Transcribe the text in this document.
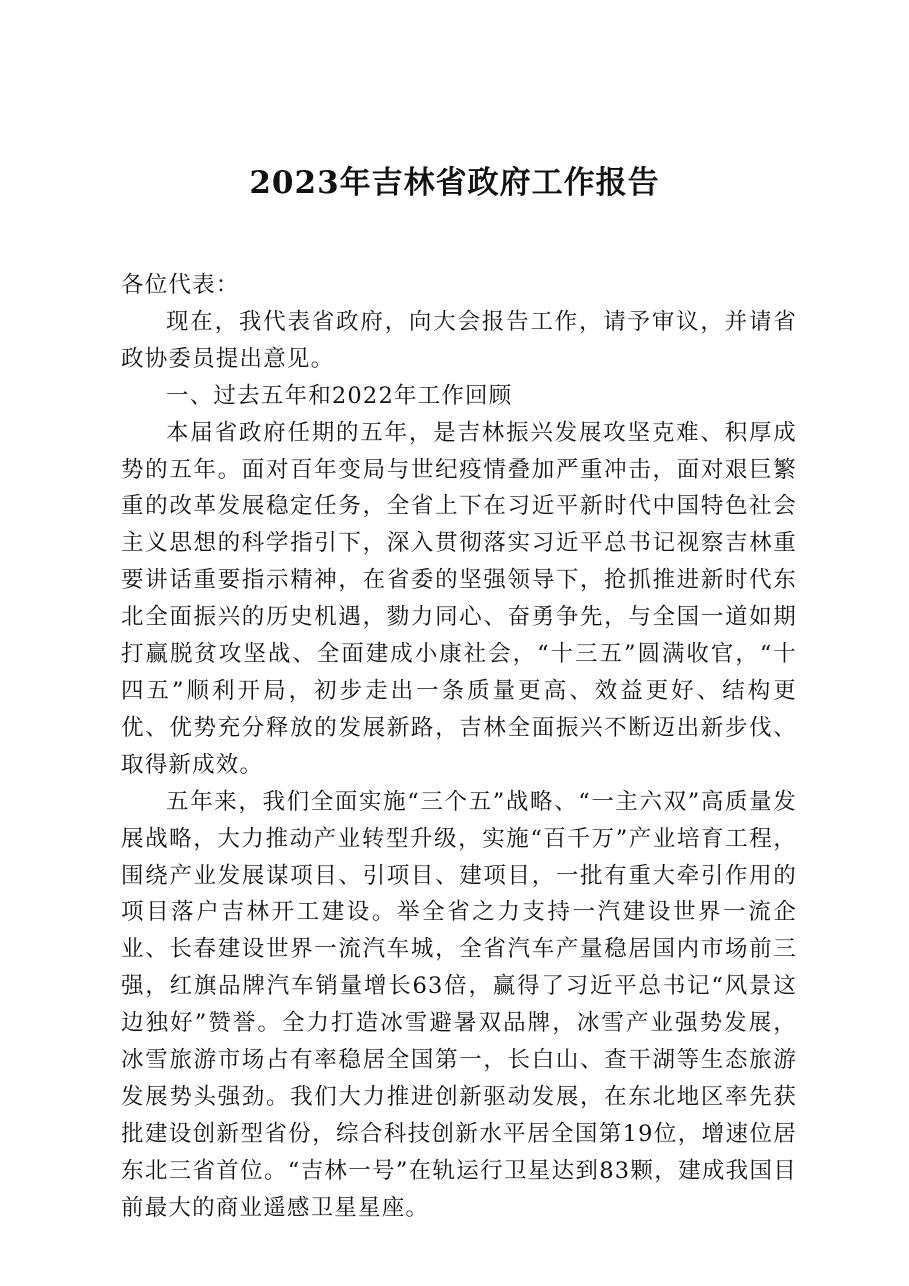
2023年吉林省政府工作报告

各位代表：

现在，我代表省政府，向大会报告工作，请予审议，并请省政协委员提出意见。

一、过去五年和2022年工作回顾

本届省政府任期的五年，是吉林振兴发展攻坚克难、积厚成势的五年。面对百年变局与世纪疫情叠加严重冲击，面对艰巨繁重的改革发展稳定任务，全省上下在习近平新时代中国特色社会主义思想的科学指引下，深入贯彻落实习近平总书记视察吉林重要讲话重要指示精神，在省委的坚强领导下，抢抓推进新时代东北全面振兴的历史机遇，勠力同心、奋勇争先，与全国一道如期打赢脱贫攻坚战、全面建成小康社会，“十三五”圆满收官，“十四五”顺利开局，初步走出一条质量更高、效益更好、结构更优、优势充分释放的发展新路，吉林全面振兴不断迈出新步伐、取得新成效。

五年来，我们全面实施“三个五”战略、“一主六双”高质量发展战略，大力推动产业转型升级，实施“百千万”产业培育工程，围绕产业发展谋项目、引项目、建项目，一批有重大牵引作用的项目落户吉林开工建设。举全省之力支持一汽建设世界一流企业、长春建设世界一流汽车城，全省汽车产量稳居国内市场前三强，红旗品牌汽车销量增长63倍，赢得了习近平总书记“风景这边独好”赞誉。全力打造冰雪避暑双品牌，冰雪产业强势发展，冰雪旅游市场占有率稳居全国第一，长白山、查干湖等生态旅游发展势头强劲。我们大力推进创新驱动发展，在东北地区率先获批建设创新型省份，综合科技创新水平居全国第19位，增速位居东北三省首位。“吉林一号”在轨运行卫星达到83颗，建成我国目前最大的商业遥感卫星星座。
